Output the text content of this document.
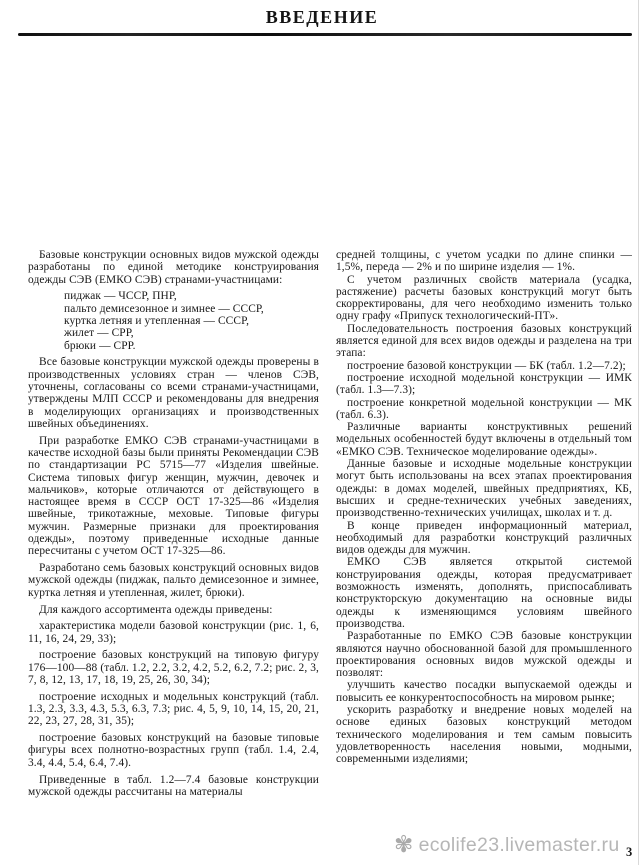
ВВЕДЕНИЕ

Базовые конструкции основных видов мужской одежды разработаны по единой методике конструирования одежды СЭВ (ЕМКО СЭВ) странами-участницами:

пиджак — ЧССР, ПНР,

пальто демисезонное и зимнее — СССР,

куртка летняя и утепленная — СССР,

жилет — СРР,

брюки — СРР.

Все базовые конструкции мужской одежды проверены в производственных условиях стран — членов СЭВ, уточнены, согласованы со всеми странами-участницами, утверждены МЛП СССР и рекомендованы для внедрения в моделирующих организациях и производственных швейных объединениях.

При разработке ЕМКО СЭВ странами-участницами в качестве исходной базы были приняты Рекомендации СЭВ по стандартизации РС 5715—77 «Изделия швейные. Система типовых фигур женщин, мужчин, девочек и мальчиков», которые отличаются от действующего в настоящее время в СССР ОСТ 17-325—86 «Изделия швейные, трикотажные, меховые. Типовые фигуры мужчин. Размерные признаки для проектирования одежды», поэтому приведенные исходные данные пересчитаны с учетом ОСТ 17-325—86.

Разработано семь базовых конструкций основных видов мужской одежды (пиджак, пальто демисезонное и зимнее, куртка летняя и утепленная, жилет, брюки).

Для каждого ассортимента одежды приведены:

характеристика модели базовой конструкции (рис. 1, 6, 11, 16, 24, 29, 33);

построение базовых конструкций на типовую фигуру 176—100—88 (табл. 1.2, 2.2, 3.2, 4.2, 5.2, 6.2, 7.2; рис. 2, 3, 7, 8, 12, 13, 17, 18, 19, 25, 26, 30, 34);

построение исходных и модельных конструкций (табл. 1.3, 2.3, 3.3, 4.3, 5.3, 6.3, 7.3; рис. 4, 5, 9, 10, 14, 15, 20, 21, 22, 23, 27, 28, 31, 35);

построение базовых конструкций на базовые типовые фигуры всех полнотно-возрастных групп (табл. 1.4, 2.4, 3.4, 4.4, 5.4, 6.4, 7.4).

Приведенные в табл. 1.2—7.4 базовые конструкции мужской одежды рассчитаны на материалы

средней толщины, с учетом усадки по длине спинки — 1,5%, переда — 2% и по ширине изделия — 1%.

С учетом различных свойств материала (усадка, растяжение) расчеты базовых конструкций могут быть скорректированы, для чего необходимо изменить только одну графу «Припуск технологический-ПТ».

Последовательность построения базовых конструкций является единой для всех видов одежды и разделена на три этапа:

построение базовой конструкции — БК (табл. 1.2—7.2);

построение исходной модельной конструкции — ИМК (табл. 1.3—7.3);

построение конкретной модельной конструкции — МК (табл. 6.3).

Различные варианты конструктивных решений модельных особенностей будут включены в отдельный том «ЕМКО СЭВ. Техническое моделирование одежды».

Данные базовые и исходные модельные конструкции могут быть использованы на всех этапах проектирования одежды: в домах моделей, швейных предприятиях, КБ, высших и средне-технических учебных заведениях, производственно-технических училищах, школах и т. д.

В конце приведен информационный материал, необходимый для разработки конструкций различных видов одежды для мужчин.

ЕМКО СЭВ является открытой системой конструирования одежды, которая предусматривает возможность изменять, дополнять, приспосабливать конструкторскую документацию на основные виды одежды к изменяющимся условиям швейного производства.

Разработанные по ЕМКО СЭВ базовые конструкции являются научно обоснованной базой для промышленного проектирования основных видов мужской одежды и позволят:

улучшить качество посадки выпускаемой одежды и повысить ее конкурентоспособность на мировом рынке;

ускорить разработку и внедрение новых моделей на основе единых базовых конструкций методом технического моделирования и тем самым повысить удовлетворенность населения новыми, модными, современными изделиями;

✾ ecolife23.livemaster.ru 3
